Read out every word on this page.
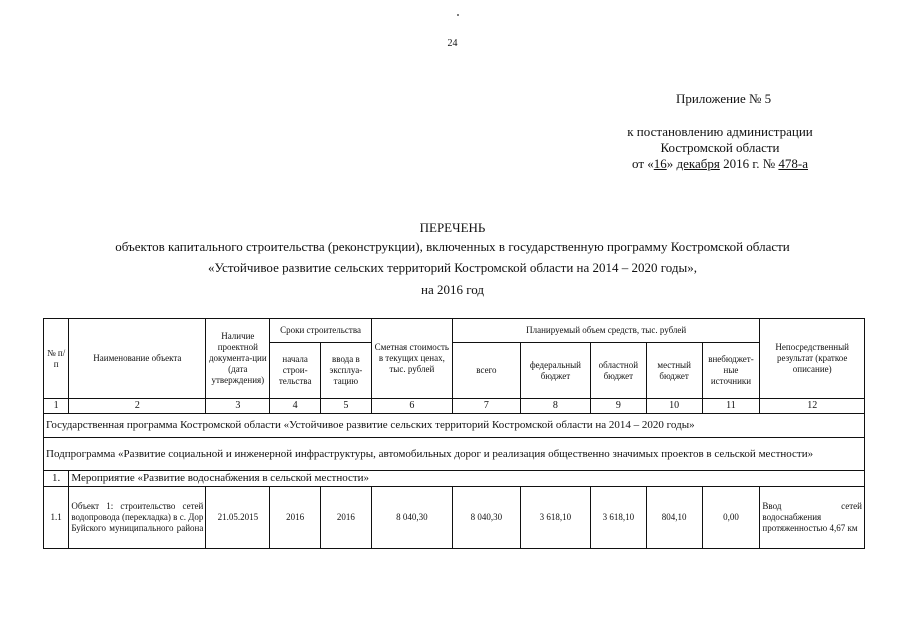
24
Приложение № 5
к постановлению администрации
Костромской области
от «16» декабря 2016 г. № 478-а
ПЕРЕЧЕНЬ
объектов капитального строительства (реконструкции), включенных в государственную программу Костромской области
«Устойчивое развитие сельских территорий Костромской области на 2014 – 2020 годы»,
на 2016 год
№ п/п	Наименование объекта	Наличие проектной документа-ции (дата утверждения)	Сроки строительства		Сметная стоимость в текущих ценах, тыс. рублей	Планируемый объем средств, тыс. рублей					Непосредственный результат (краткое описание)
			начала строи-тельства	ввода в эксплуа-тацию		всего	федеральный бюджет	областной бюджет	местный бюджет	внебюджет-ные источники	
1	2	3	4	5	6	7	8	9	10	11	12
Государственная программа Костромской области «Устойчивое развитие сельских территорий Костромской области на 2014 – 2020 годы»											
Подпрограмма «Развитие социальной и инженерной инфраструктуры, автомобильных дорог и реализация общественно значимых проектов в сельской местности»											
1.	Мероприятие «Развитие водоснабжения в сельской местности»										
1.1	Объект 1: строительство сетей водопровода (перекладка) в с. Дор Буйского муниципального района	21.05.2015	2016	2016	8 040,30	8 040,30	3 618,10	3 618,10	804,10	0,00	Ввод сетей водоснабжения протяженностью 4,67 км
